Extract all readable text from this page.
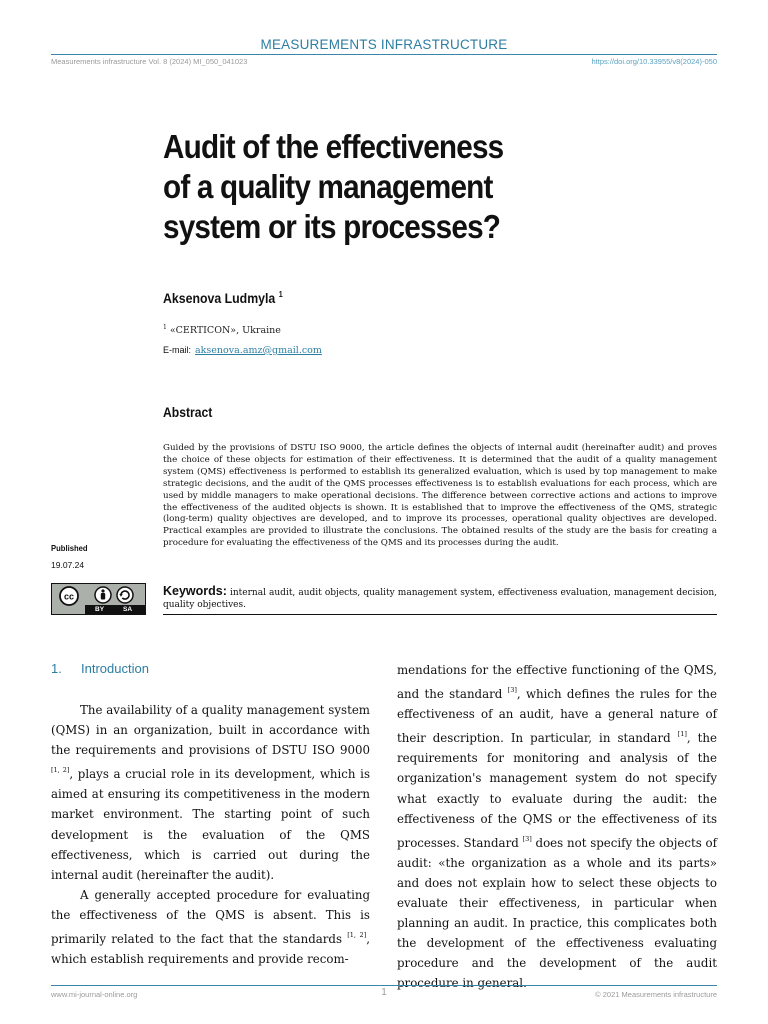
MEASUREMENTS INFRASTRUCTURE
Measurements infrastructure Vol. 8 (2024) MI_050_041023	https://doi.org/10.33955/v8(2024)-050
Audit of the effectiveness
of a quality management
system or its processes?
Aksenova Ludmyla $^1$
$^1$ «CERTICON», Ukraine
E-mail: aksenova.amz@gmail.com
Abstract
Guided by the provisions of DSTU ISO 9000, the article defines the objects of internal audit (hereinafter audit) and proves the choice of these objects for estimation of their effectiveness. It is determined that the audit of a quality management system (QMS) effectiveness is performed to establish its generalized evaluation, which is used by top management to make strategic decisions, and the audit of the QMS processes effectiveness is to establish evaluations for each process, which are used by middle managers to make operational decisions. The difference between corrective actions and actions to improve the effectiveness of the audited objects is shown. It is established that to improve the effectiveness of the QMS, strategic (long-term) quality objectives are developed, and to improve its processes, operational quality objectives are developed. Practical examples are provided to illustrate the conclusions. The obtained results of the study are the basis for creating a procedure for evaluating the effectiveness of the QMS and its processes during the audit.
Published
19.07.24
cc
BY	SA
Keywords: internal audit, audit objects, quality management system, effectiveness evaluation, management decision, quality objectives.
1. Introduction

The availability of a quality management system (QMS) in an organization, built in accordance with the requirements and provisions of DSTU ISO 9000 [1, 2], plays a crucial role in its development, which is aimed at ensuring its competitiveness in the modern market environment. The starting point of such development is the evaluation of the QMS effectiveness, which is carried out during the internal audit (hereinafter the audit).

A generally accepted procedure for evaluating the effectiveness of the QMS is absent. This is primarily related to the fact that the standards [1, 2], which establish requirements and provide recom-

mendations for the effective functioning of the QMS, and the standard [3], which defines the rules for the effectiveness of an audit, have a general nature of their description. In particular, in standard [1], the requirements for monitoring and analysis of the organization's management system do not specify what exactly to evaluate during the audit: the effectiveness of the QMS or the effectiveness of its processes. Standard [3] does not specify the objects of audit: «the organization as a whole and its parts» and does not explain how to select these objects to evaluate their effectiveness, in particular when planning an audit. In practice, this complicates both the development of the effectiveness evaluating procedure and the development of the audit procedure in general.

www.mi-journal-online.org	1	© 2021 Measurements infrastructure
